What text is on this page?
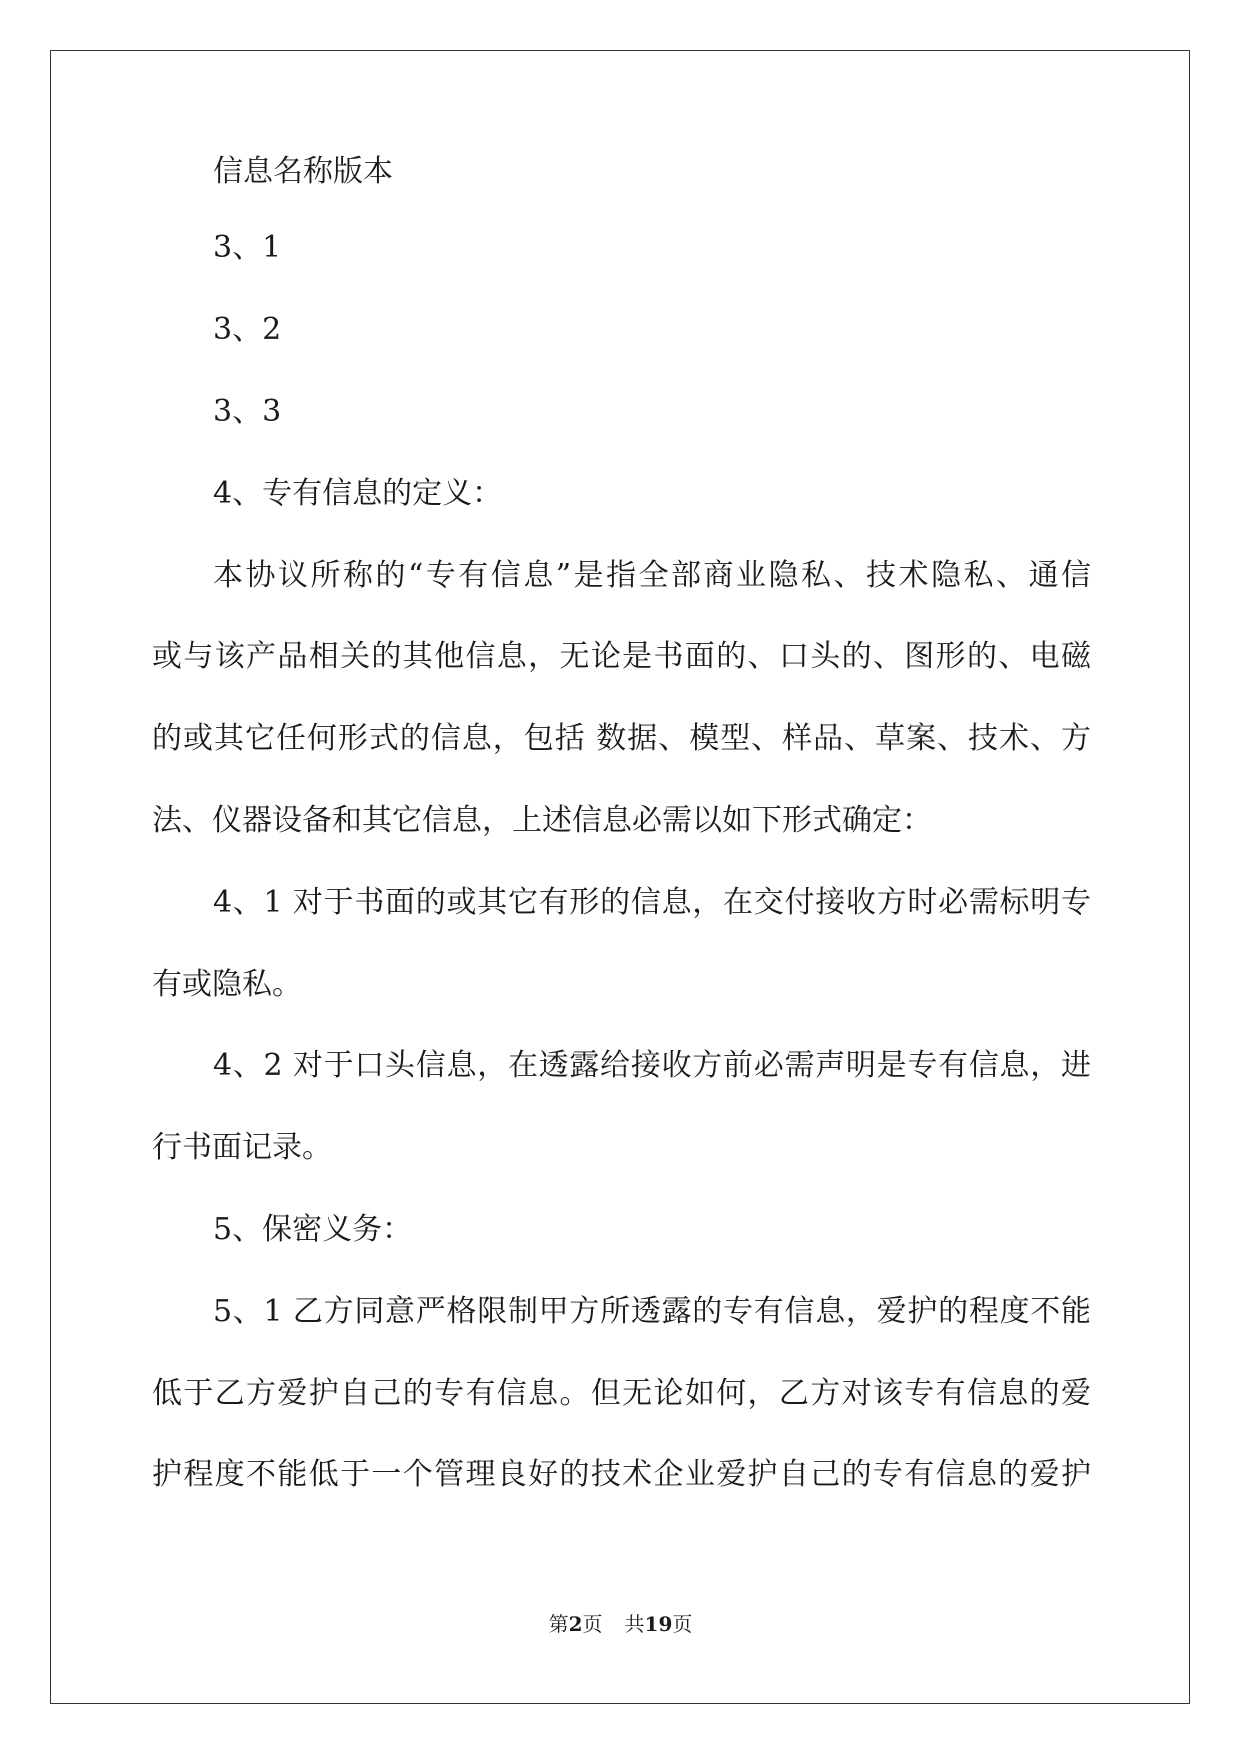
信息名称版本

3、1

3、2

3、3

4、专有信息的定义：

本协议所称的“专有信息”是指全部商业隐私、技术隐私、通信

或与该产品相关的其他信息，无论是书面的、口头的、图形的、电磁

的或其它任何形式的信息，包括 数据、模型、样品、草案、技术、方

法、仪器设备和其它信息，上述信息必需以如下形式确定：

4、1 对于书面的或其它有形的信息，在交付接收方时必需标明专

有或隐私。

4、2 对于口头信息，在透露给接收方前必需声明是专有信息，进

行书面记录。

5、保密义务：

5、1 乙方同意严格限制甲方所透露的专有信息，爱护的程度不能

低于乙方爱护自己的专有信息。但无论如何，乙方对该专有信息的爱

护程度不能低于一个管理良好的技术企业爱护自己的专有信息的爱护

第2页 共19页
